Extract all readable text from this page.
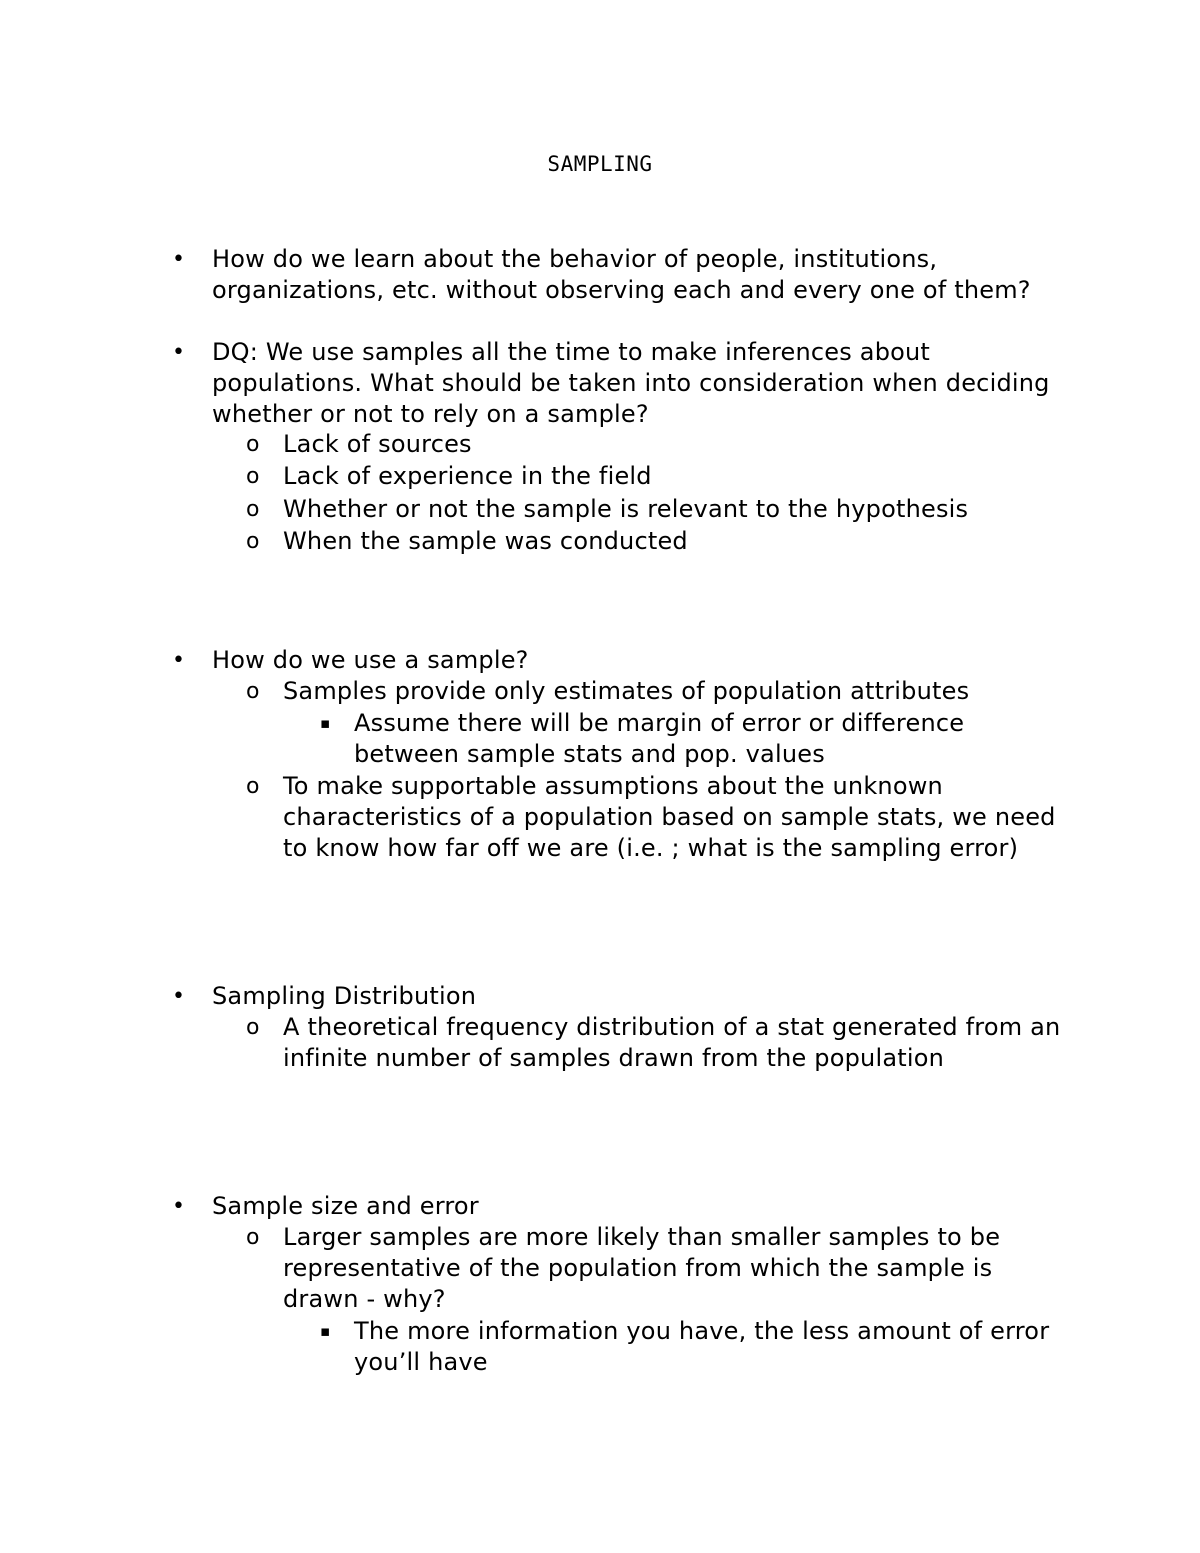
SAMPLING
• How do we learn about the behavior of people, institutions, organizations, etc. without observing each and every one of them?
• DQ: We use samples all the time to make inferences about populations. What should be taken into consideration when deciding whether or not to rely on a sample?
o Lack of sources
o Lack of experience in the field
o Whether or not the sample is relevant to the hypothesis
o When the sample was conducted
• How do we use a sample?
o Samples provide only estimates of population attributes
▪ Assume there will be margin of error or difference between sample stats and pop. values
o To make supportable assumptions about the unknown characteristics of a population based on sample stats, we need to know how far off we are (i.e. ; what is the sampling error)
• Sampling Distribution
o A theoretical frequency distribution of a stat generated from an infinite number of samples drawn from the population
• Sample size and error
o Larger samples are more likely than smaller samples to be representative of the population from which the sample is drawn - why?
▪ The more information you have, the less amount of error you’ll have
